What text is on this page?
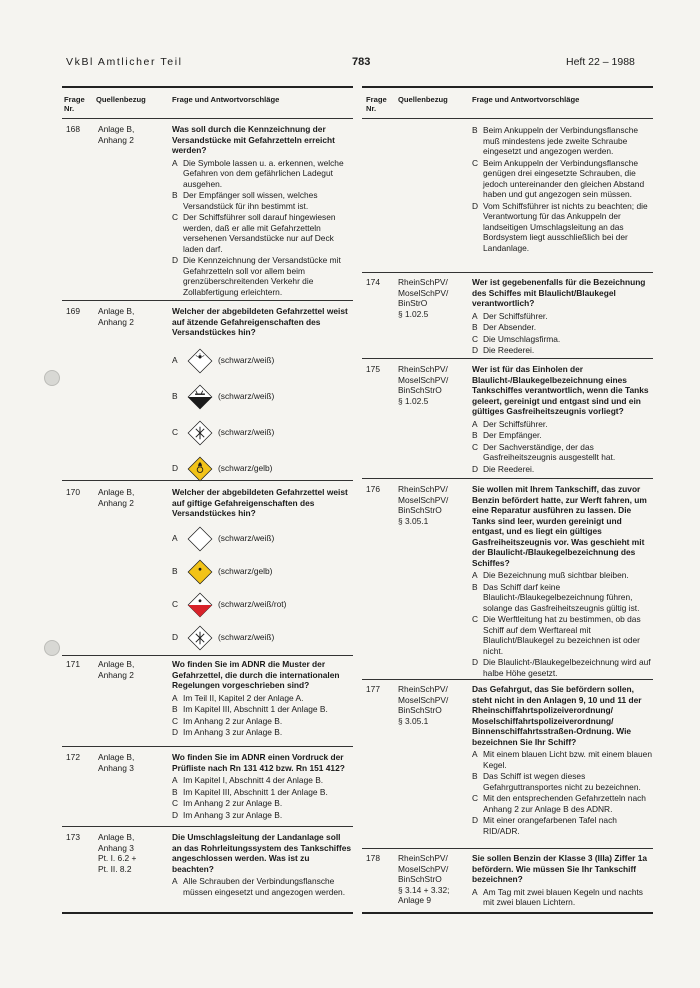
VkBl Amtlicher Teil	783	Heft 22 – 1988
Frage
Nr.
Quellenbezug	Frage und Antwortvorschläge	Frage
Nr.
Quellenbezug	Frage und Antwortvorschläge
168 Anlage B,
Anhang 2
Was soll durch die Kennzeichnung der Versandstücke mit Gefahrzetteln erreicht werden?
A Die Symbole lassen u. a. erkennen, welche Gefahren von dem gefährlichen Ladegut ausgehen.
B Der Empfänger soll wissen, welches Versandstück für ihn bestimmt ist.
C Der Schiffsführer soll darauf hingewiesen werden, daß er alle mit Gefahrzetteln versehenen Versandstücke nur auf Deck laden darf.
D Die Kennzeichnung der Versandstücke mit Gefahrzetteln soll vor allem beim grenzüberschreitenden Verkehr die Zollabfertigung erleichtern.
169 Anlage B,
Anhang 2
Welcher der abgebildeten Gefahrzettel weist auf ätzende Gefahreigenschaften des Versandstückes hin?
A	(schwarz/weiß)
B	(schwarz/weiß)
C	(schwarz/weiß)
D	(schwarz/gelb)
170 Anlage B,
Anhang 2
Welcher der abgebildeten Gefahrzettel weist auf giftige Gefahreigenschaften des Versandstückes hin?
A	(schwarz/weiß)
B	(schwarz/gelb)
C	(schwarz/weiß/rot)
D	(schwarz/weiß)
171 Anlage B,
Anhang 2
Wo finden Sie im ADNR die Muster der Gefahrzettel, die durch die internationalen Regelungen vorgeschrieben sind?
A Im Teil II, Kapitel 2 der Anlage A.
B Im Kapitel III, Abschnitt 1 der Anlage B.
C Im Anhang 2 zur Anlage B.
D Im Anhang 3 zur Anlage B.
172 Anlage B,
Anhang 3
Wo finden Sie im ADNR einen Vordruck der Prüfliste nach Rn 131 412 bzw. Rn 151 412?
A Im Kapitel I, Abschnitt 4 der Anlage B.
B Im Kapitel III, Abschnitt 1 der Anlage B.
C Im Anhang 2 zur Anlage B.
D Im Anhang 3 zur Anlage B.
173 Anlage B,
Anhang 3
Pt. I. 6.2 +
Pt. II. 8.2
Die Umschlagsleitung der Landanlage soll an das Rohrleitungssystem des Tankschiffes angeschlossen werden. Was ist zu beachten?
A Alle Schrauben der Verbindungsflansche müssen eingesetzt und angezogen werden.
B Beim Ankuppeln der Verbindungsflansche muß mindestens jede zweite Schraube eingesetzt und angezogen werden.
C Beim Ankuppeln der Verbindungsflansche genügen drei eingesetzte Schrauben, die jedoch untereinander den gleichen Abstand haben und gut angezogen sein müssen.
D Vom Schiffsführer ist nichts zu beachten; die Verantwortung für das Ankuppeln der landseitigen Umschlagsleitung an das Bordsystem liegt ausschließlich bei der Landanlage.
174 RheinSchPV/
MoselSchPV/
BinStrO
§ 1.02.5
Wer ist gegebenenfalls für die Bezeichnung des Schiffes mit Blaulicht/Blaukegel verantwortlich?
A Der Schiffsführer.
B Der Absender.
C Die Umschlagsfirma.
D Die Reederei.
175 RheinSchPV/
MoselSchPV/
BinSchStrO
§ 1.02.5
Wer ist für das Einholen der Blaulicht-/Blaukegelbezeichnung eines Tankschiffes verantwortlich, wenn die Tanks geleert, gereinigt und entgast sind und ein gültiges Gasfreiheitszeugnis vorliegt?
A Der Schiffsführer.
B Der Empfänger.
C Der Sachverständige, der das Gasfreiheitszeugnis ausgestellt hat.
D Die Reederei.
176 RheinSchPV/
MoselSchPV/
BinSchStrO
§ 3.05.1
Sie wollen mit Ihrem Tankschiff, das zuvor Benzin befördert hatte, zur Werft fahren, um eine Reparatur ausführen zu lassen. Die Tanks sind leer, wurden gereinigt und entgast, und es liegt ein gültiges Gasfreiheitszeugnis vor. Was geschieht mit der Blaulicht-/Blaukegelbezeichnung des Schiffes?
A Die Bezeichnung muß sichtbar bleiben.
B Das Schiff darf keine Blaulicht-/Blaukegelbezeichnung führen, solange das Gasfreiheitszeugnis gültig ist.
C Die Werftleitung hat zu bestimmen, ob das Schiff auf dem Werftareal mit Blaulicht/Blaukegel zu bezeichnen ist oder nicht.
D Die Blaulicht-/Blaukegelbezeichnung wird auf halbe Höhe gesetzt.
177 RheinSchPV/
MoselSchPV/
BinSchStrO
§ 3.05.1
Das Gefahrgut, das Sie befördern sollen, steht nicht in den Anlagen 9, 10 und 11 der Rheinschiffahrtspolizeiverordnung/ Moselschiffahrtspolizeiverordnung/ Binnenschiffahrtsstraßen-Ordnung. Wie bezeichnen Sie Ihr Schiff?
A Mit einem blauen Licht bzw. mit einem blauen Kegel.
B Das Schiff ist wegen dieses Gefahrguttransportes nicht zu bezeichnen.
C Mit den entsprechenden Gefahrzetteln nach Anhang 2 zur Anlage B des ADNR.
D Mit einer orangefarbenen Tafel nach RID/ADR.
178 RheinSchPV/
MoselSchPV/
BinSchStrO
§ 3.14 + 3.32;
Anlage 9
Sie sollen Benzin der Klasse 3 (IIIa) Ziffer 1a befördern. Wie müssen Sie Ihr Tankschiff bezeichnen?
A Am Tag mit zwei blauen Kegeln und nachts mit zwei blauen Lichtern.
